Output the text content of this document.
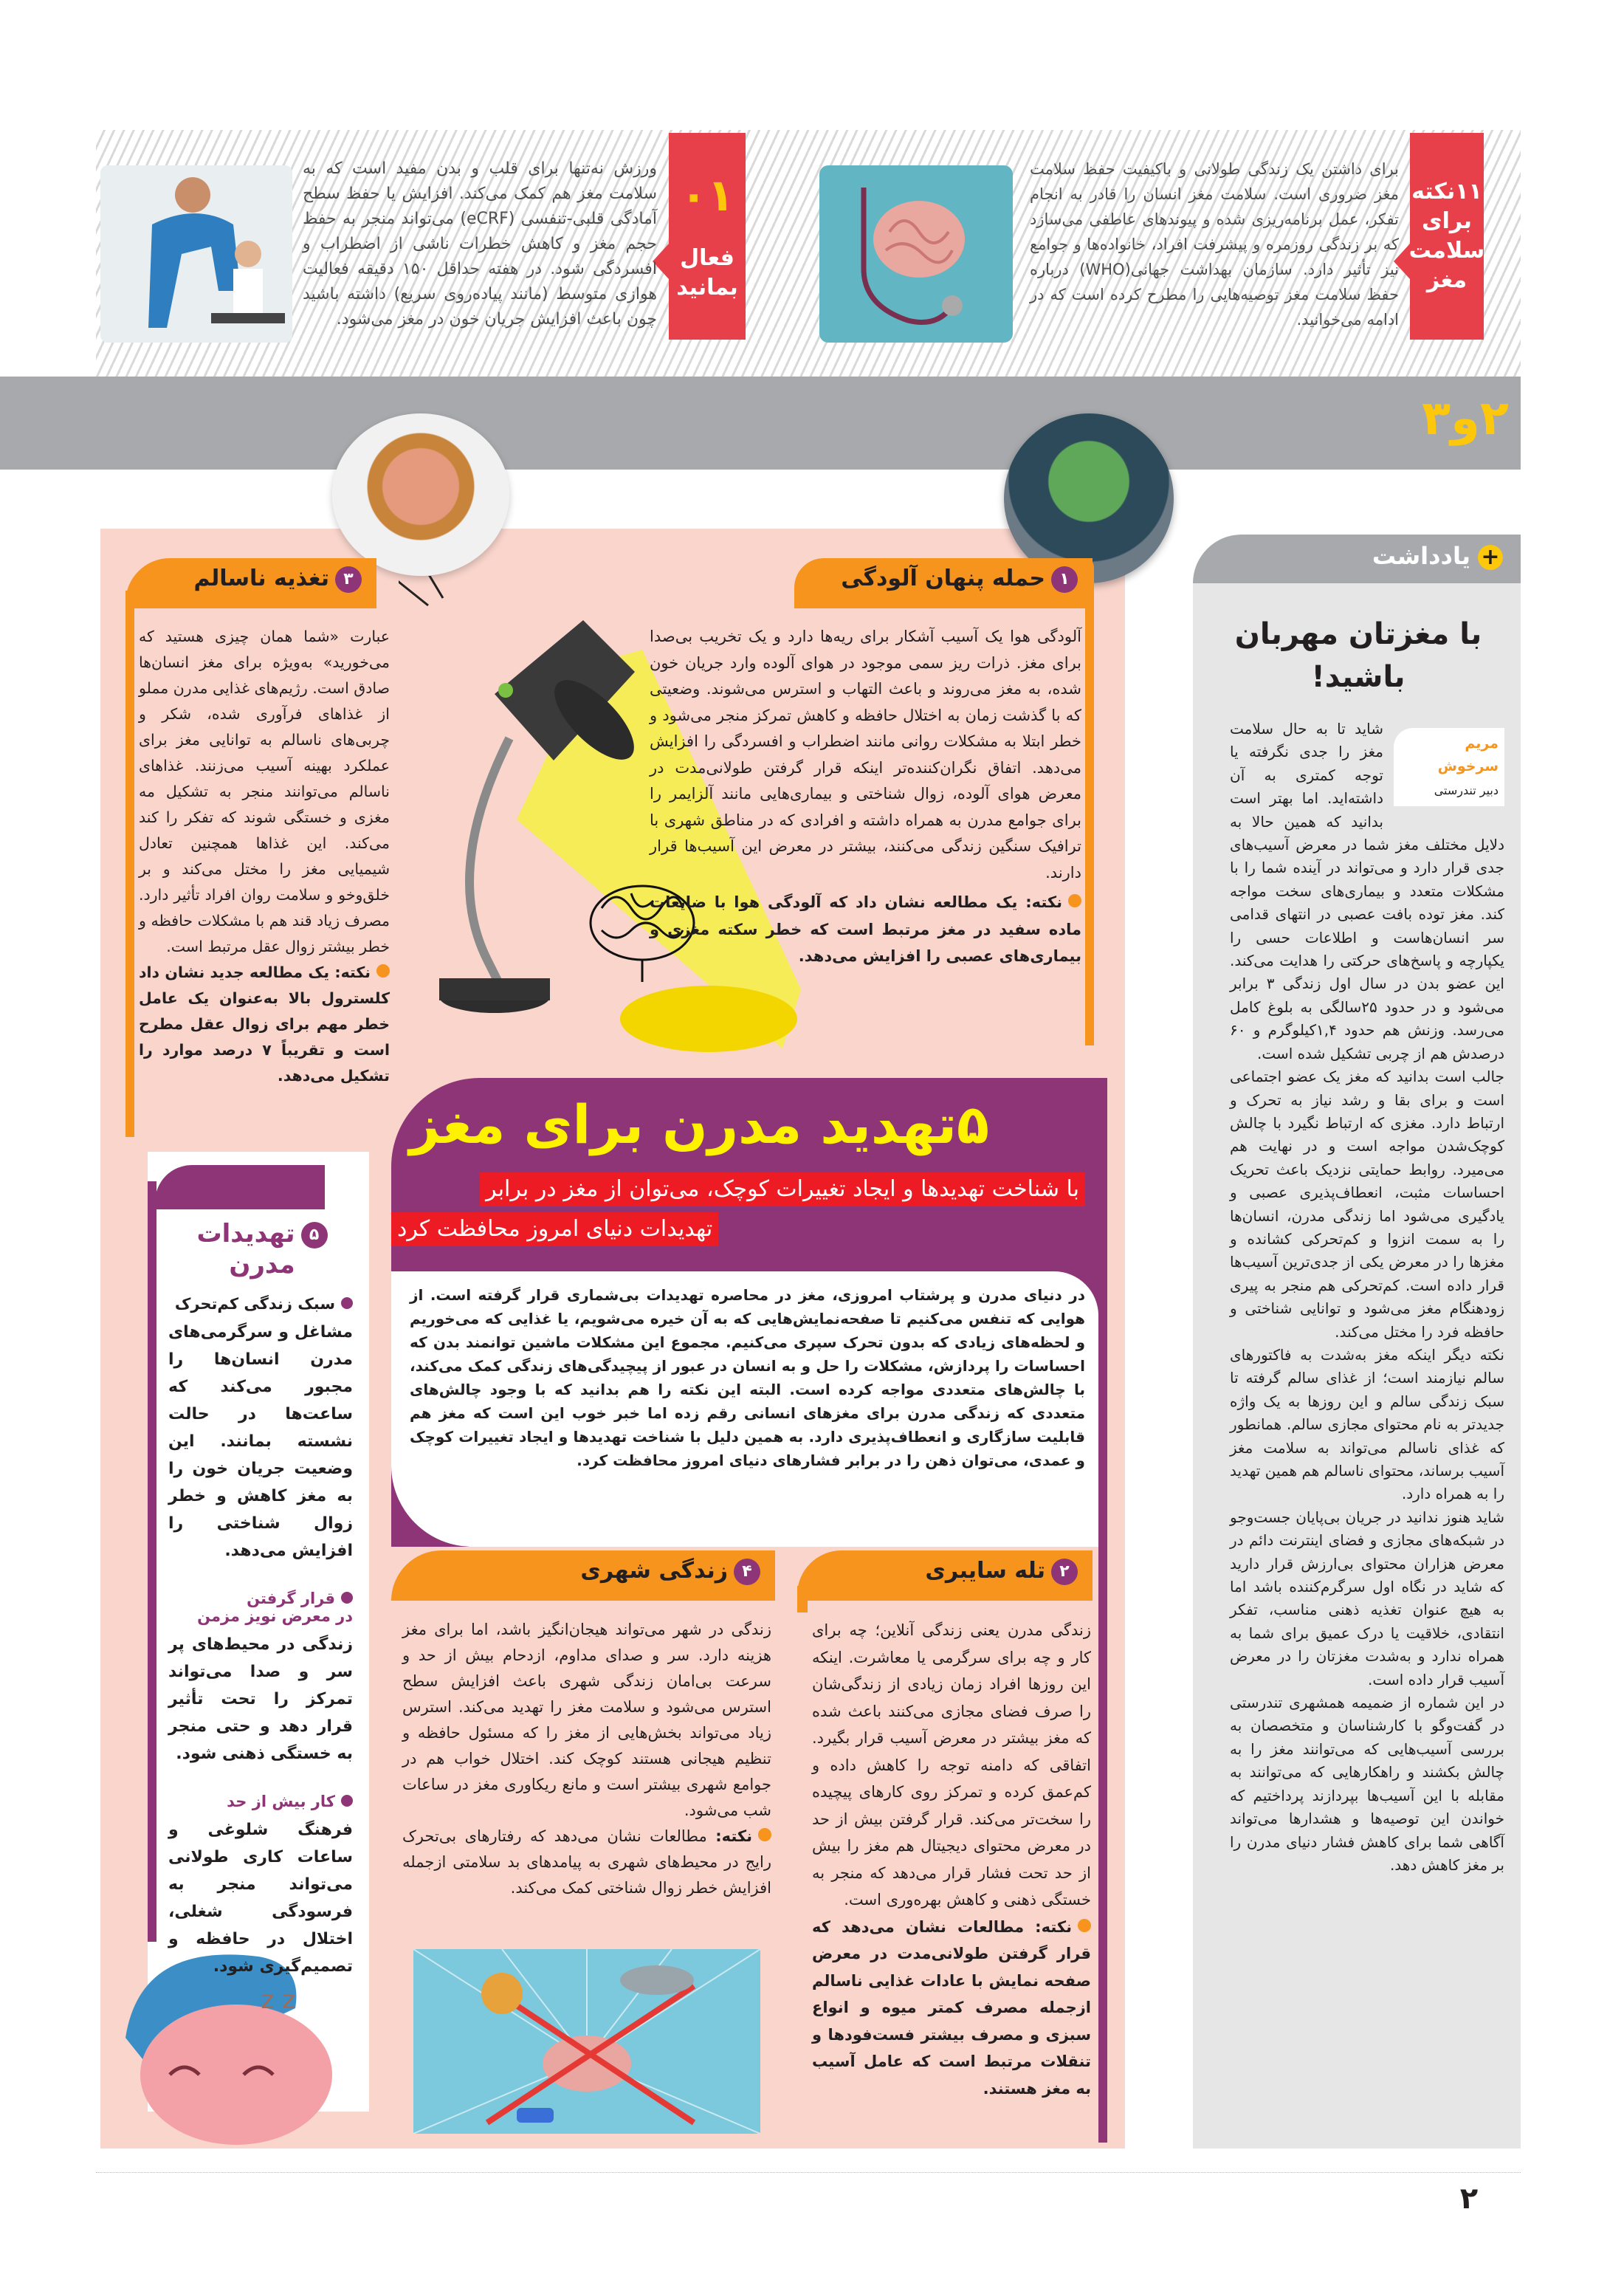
۱۱نکته برای سلامت مغز

برای داشتن یک زندگی طولانی و باکیفیت حفظ سلامت مغز ضروری است. سلامت مغز انسان را قادر به انجام تفکر، عمل برنامه‌ریزی شده و پیوندهای عاطفی می‌سازد که بر زندگی روزمره و پیشرفت افراد، خانواده‌ها و جوامع نیز تأثیر دارد. سازمان بهداشت جهانی(WHO) درباره حفظ سلامت مغز توصیه‌هایی را مطرح کرده است که در ادامه می‌خوانید.

۰۱
فعال بمانید

ورزش نه‌تنها برای قلب و بدن مفید است که به سلامت مغز هم کمک می‌کند. افزایش یا حفظ سطح آمادگی قلبی-تنفسی (eCRF) می‌تواند منجر به حفظ حجم مغز و کاهش خطرات ناشی از اضطراب و افسردگی شود. در هفته حداقل ۱۵۰ دقیقه فعالیت هوازی متوسط (مانند پیاده‌روی سریع) داشته باشید چون باعث افزایش جریان خون در مغز می‌شود.

۲و۳
۱حمله پنهان آلودگی

آلودگی هوا یک آسیب آشکار برای ریه‌ها دارد و یک تخریب بی‌صدا برای مغز. ذرات ریز سمی موجود در هوای آلوده وارد جریان خون شده، به مغز می‌روند و باعث التهاب و استرس می‌شوند. وضعیتی که با گذشت زمان به اختلال حافظه و کاهش تمرکز منجر می‌شود و خطر ابتلا به مشکلات روانی مانند اضطراب و افسردگی را افزایش می‌دهد. اتفاق نگران‌کننده‌تر اینکه قرار گرفتن طولانی‌مدت در معرض هوای آلوده، زوال شناختی و بیماری‌هایی مانند آلزایمر را برای جوامع مدرن به همراه داشته و افرادی که در مناطق شهری با ترافیک سنگین زندگی می‌کنند، بیشتر در معرض این آسیب‌ها قرار دارند.

نکته: یک مطالعه نشان داد که آلودگی هوا با ضایعات ماده سفید در مغز مرتبط است که خطر سکته مغزی و بیماری‌های عصبی را افزایش می‌دهد.

۳تغذیه ناسالم

عبارت «شما همان چیزی هستید که می‌خورید» به‌ویژه برای مغز انسان‌ها صادق است. رژیم‌های غذایی مدرن مملو از غذاهای فرآوری شده، شکر و چربی‌های ناسالم به توانایی مغز برای عملکرد بهینه آسیب می‌زنند. غذاهای ناسالم می‌توانند منجر به تشکیل مه مغزی و خستگی شوند که تفکر را کند می‌کند. این غذاها همچنین تعادل شیمیایی مغز را مختل می‌کند و بر خلق‌وخو و سلامت روان افراد تأثیر دارد. مصرف زیاد قند هم با مشکلات حافظه و خطر بیشتر زوال عقل مرتبط است.

نکته: یک مطالعه جدید نشان داد کلسترول بالا به‌عنوان یک عامل خطر مهم برای زوال عقل مطرح است و تقریباً ۷ درصد موارد را تشکیل می‌دهد.

۵تهدید مدرن برای مغز
با شناخت تهدیدها و ایجاد تغییرات کوچک، می‌توان از مغز در برابر
تهدیدات دنیای امروز محافظت کرد

در دنیای مدرن و پرشتاب امروزی، مغز در محاصره تهدیدات بی‌شماری قرار گرفته است. از هوایی که تنفس می‌کنیم تا صفحه‌نمایش‌هایی که به آن خیره می‌شویم، یا غذایی که می‌خوریم و لحظه‌های زیادی که بدون تحرک سپری می‌کنیم. مجموع این مشکلات ماشین توانمند بدن که احساسات را پردازش، مشکلات را حل و به انسان در عبور از پیچیدگی‌های زندگی کمک می‌کند، با چالش‌های متعددی مواجه کرده است. البته این نکته را هم بدانید که با وجود چالش‌های متعددی که زندگی مدرن برای مغزهای انسانی رقم زده اما خبر خوب این است که مغز هم قابلیت سازگاری و انعطاف‌پذیری دارد. به همین دلیل با شناخت تهدیدها و ایجاد تغییرات کوچک و عمدی، می‌توان ذهن را در برابر فشارهای دنیای امروز محافظت کرد.

۲تله سایبری

زندگی مدرن یعنی زندگی آنلاین؛ چه برای کار و چه برای سرگرمی یا معاشرت. اینکه این روزها افراد زمان زیادی از زندگی‌شان را صرف فضای مجازی می‌کنند باعث شده که مغز بیشتر در معرض آسیب قرار بگیرد. اتفاقی که دامنه توجه را کاهش داده و کم‌عمق کرده و تمرکز روی کارهای پیچیده را سخت‌تر می‌کند. قرار گرفتن بیش از حد در معرض محتوای دیجیتال هم مغز را بیش از حد تحت فشار قرار می‌دهد که منجر به خستگی ذهنی و کاهش بهره‌وری است.

نکته: مطالعات نشان می‌دهد که قرار گرفتن طولانی‌مدت در معرض صفحه نمایش با عادات غذایی ناسالم ازجمله مصرف کمتر میوه و انواع سبزی و مصرف بیشتر فست‌فودها و تنقلات مرتبط است که عامل آسیب به مغز هستند.

۴زندگی شهری

زندگی در شهر می‌تواند هیجان‌انگیز باشد، اما برای مغز هزینه دارد. سر و صدای مداوم، ازدحام بیش از حد و سرعت بی‌امان زندگی شهری باعث افزایش سطح استرس می‌شود و سلامت مغز را تهدید می‌کند. استرس زیاد می‌تواند بخش‌هایی از مغز را که مسئول حافظه و تنظیم هیجانی هستند کوچک کند. اختلال خواب هم در جوامع شهری بیشتر است و مانع ریکاوری مغز در ساعات شب می‌شود.

نکته: مطالعات نشان می‌دهد که رفتارهای بی‌تحرک رایج در محیط‌های شهری به پیامدهای بد سلامتی ازجمله افزایش خطر زوال شناختی کمک می‌کند.

z z
۵تهدیدات مدرن
سبک زندگی کم‌تحرک

مشاغل و سرگرمی‌های مدرن انسان‌ها را مجبور می‌کند که ساعت‌ها در حالت نشسته بمانند. این وضعیت جریان خون را به مغز کاهش و خطر زوال شناختی را افزایش می‌دهد.

قرار گرفتن
در معرض نویز مزمن

زندگی در محیط‌های پر سر و صدا می‌تواند تمرکز را تحت تأثیر قرار دهد و حتی منجر به خستگی ذهنی شود.

کار بیش از حد

فرهنگ شلوغی و ساعات کاری طولانی می‌تواند منجر به فرسودگی شغلی، اختلال در حافظه و تصمیم‌گیری شود.

+یادداشت
با مغزتان مهربان باشید!
مریم سرخوش
دبیر تندرستی

شاید تا به حال سلامت مغز را جدی نگرفته یا توجه کمتری به آن داشته‌اید. اما بهتر است بدانید که همین حالا به دلایل مختلف مغز شما در معرض آسیب‌های جدی قرار دارد و می‌تواند در آینده شما را با مشکلات متعدد و بیماری‌های سخت مواجه کند. مغز توده بافت عصبی در انتهای قدامی سر انسان‌هاست و اطلاعات حسی را یکپارچه و پاسخ‌های حرکتی را هدایت می‌کند. این عضو بدن در سال اول زندگی ۳ برابر می‌شود و در حدود ۲۵سالگی به بلوغ کامل می‌رسد. وزنش هم حدود ۱,۴کیلوگرم و ۶۰ درصدش هم از چربی تشکیل شده است.

جالب است بدانید که مغز یک عضو اجتماعی است و برای بقا و رشد نیاز به تحرک و ارتباط دارد. مغزی که ارتباط نگیرد با چالش کوچک‌شدن مواجه است و در نهایت هم می‌میرد. روابط حمایتی نزدیک باعث تحریک احساسات مثبت، انعطاف‌پذیری عصبی و یادگیری می‌شود اما زندگی مدرن، انسان‌ها را به سمت انزوا و کم‌تحرکی کشانده و مغزها را در معرض یکی از جدی‌ترین آسیب‌ها قرار داده است. کم‌تحرکی هم منجر به پیری زودهنگام مغز می‌شود و توانایی شناختی و حافظه فرد را مختل می‌کند.

نکته دیگر اینکه مغز به‌شدت به فاکتورهای سالم نیازمند است؛ از غذای سالم گرفته تا سبک زندگی سالم و این روزها به یک واژه جدیدتر به نام محتوای مجازی سالم. همانطور که غذای ناسالم می‌تواند به سلامت مغز آسیب برساند، محتوای ناسالم هم همین تهدید را به همراه دارد.

شاید هنوز ندانید در جریان بی‌پایان جست‌وجو در شبکه‌های مجازی و فضای اینترنت دائم در معرض هزاران محتوای بی‌ارزش قرار دارید که شاید در نگاه اول سرگرم‌کننده باشد اما به هیچ عنوان تغذیه ذهنی مناسب، تفکر انتقادی، خلاقیت یا درک عمیق برای شما به همراه ندارد و به‌شدت مغزتان را در معرض آسیب قرار داده است.

در این شماره از ضمیمه همشهری تندرستی در گفت‌وگو با کارشناسان و متخصصان به بررسی آسیب‌هایی که می‌توانند مغز را به چالش بکشند و راهکارهایی که می‌توانند به مقابله با این آسیب‌ها بپردازند پرداختیم که خواندن این توصیه‌ها و هشدارها می‌تواند آگاهی شما برای کاهش فشار دنیای مدرن را بر مغز کاهش دهد.

۲
